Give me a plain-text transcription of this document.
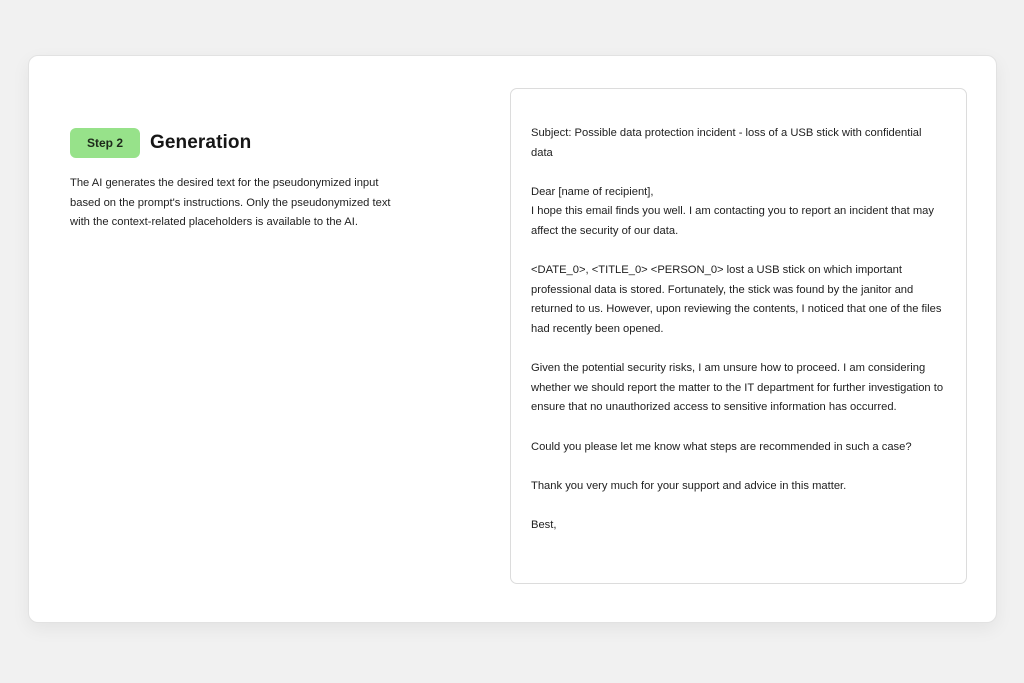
Step 2	Generation
The AI generates the desired text for the pseudonymized input based on the prompt's instructions. Only the pseudonymized text with the context-related placeholders is available to the AI.

Subject: Possible data protection incident - loss of a USB stick with confidential data

Dear [name of recipient],

I hope this email finds you well. I am contacting you to report an incident that may affect the security of our data.

<DATE_0>, <TITLE_0> <PERSON_0> lost a USB stick on which important professional data is stored. Fortunately, the stick was found by the janitor and returned to us. However, upon reviewing the contents, I noticed that one of the files had recently been opened.

Given the potential security risks, I am unsure how to proceed. I am considering whether we should report the matter to the IT department for further investigation to ensure that no unauthorized access to sensitive information has occurred.

Could you please let me know what steps are recommended in such a case?

Thank you very much for your support and advice in this matter.

Best,
